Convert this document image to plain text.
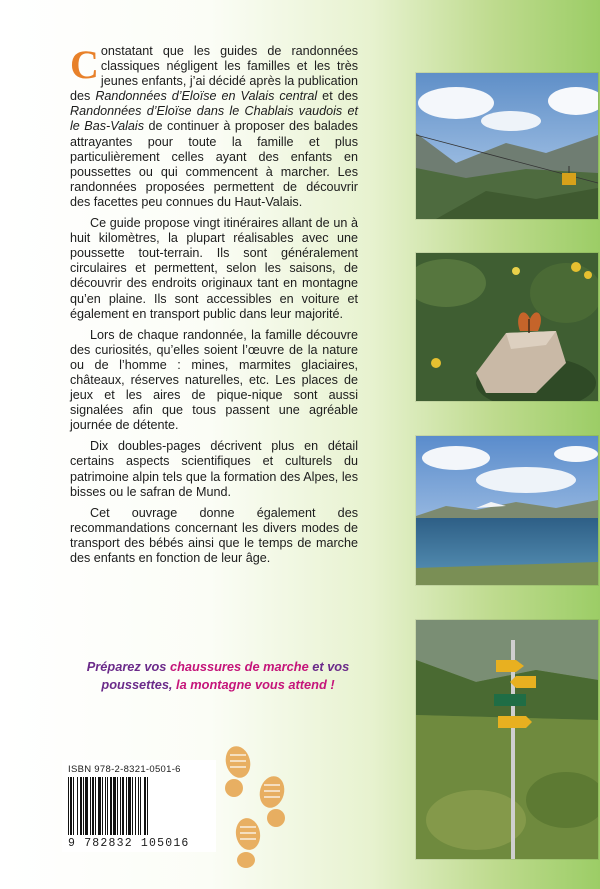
Constatant que les guides de randonnées classiques négligent les familles et les très jeunes enfants, j’ai décidé après la publication des Randonnées d’Eloïse en Valais central et des Randonnées d’Eloïse dans le Chablais vaudois et le Bas-Valais de continuer à proposer des balades attrayantes pour toute la famille et plus particulièrement celles ayant des enfants en poussettes ou qui commencent à marcher. Les randonnées proposées permettent de découvrir des facettes peu connues du Haut-Valais.

Ce guide propose vingt itinéraires allant de un à huit kilomètres, la plupart réalisables avec une poussette tout-terrain. Ils sont généralement circulaires et permettent, selon les saisons, de découvrir des endroits originaux tant en montagne qu’en plaine. Ils sont accessibles en voiture et également en transport public dans leur majorité.

Lors de chaque randonnée, la famille découvre des curiosités, qu’elles soient l’œuvre de la nature ou de l’homme : mines, marmites glaciaires, châteaux, réserves naturelles, etc. Les places de jeux et les aires de pique-nique sont aussi signalées afin que tous passent une agréable journée de détente.

Dix doubles-pages décrivent plus en détail certains aspects scientifiques et culturels du patrimoine alpin tels que la formation des Alpes, les bisses ou le safran de Mund.

Cet ouvrage donne également des recommandations concernant les divers modes de transport des bébés ainsi que le temps de marche des enfants en fonction de leur âge.

Préparez vos chaussures de marche et vos poussettes, la montagne vous attend !
ISBN 978-2-8321-0501-6
9 782832 105016
